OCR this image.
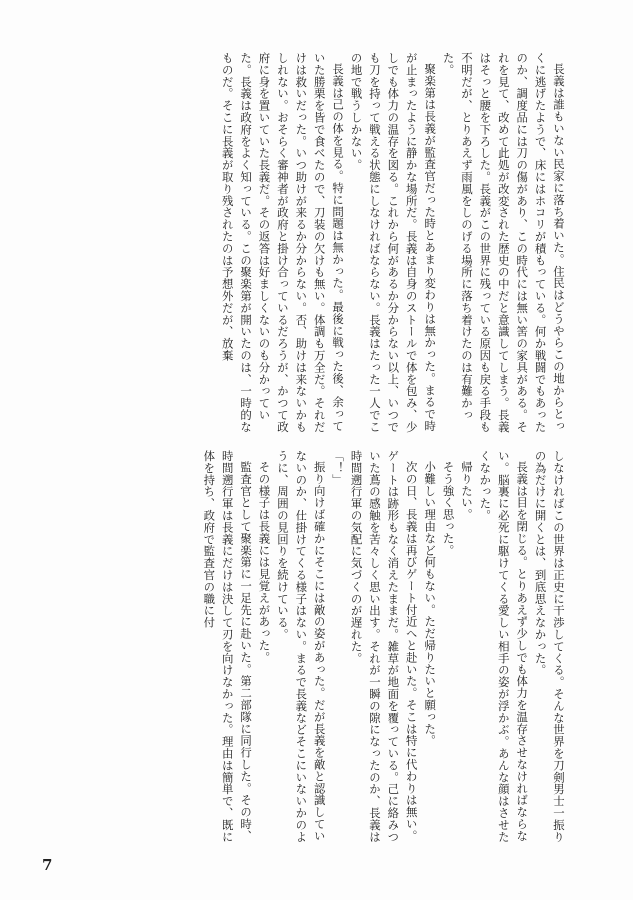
長義は誰もいない民家に落ち着いた。住民はどうやらこの地からとっくに逃げたようで、床にはホコリが積もっている。何か戦闘でもあったのか、調度品には刀の傷があり、この時代には無い筈の家具がある。それを見て、改めて此処が改変された歴史の中だと意識してしまう。長義はそっと腰を下ろした。長義がこの世界に残っている原因も戻る手段も不明だが、とりあえず雨風をしのげる場所に落ち着けたのは有難かった。

聚楽第は長義が監査官だった時とあまり変わりは無かった。まるで時が止まったように静かな場所だ。長義は自身のストールで体を包み、少しでも体力の温存を図る。これから何があるか分からない以上、いつでも刀を持って戦える状態にしなければならない。長義はたった一人でこの地で戦うしかない。

長義は己の体を見る。特に問題は無かった。最後に戦った後、余っていた勝栗を皆で食べたので、刀装の欠けも無い。体調も万全だ。それだけは救いだった。いつ助けが来るか分からない。否、助けは来ないかもしれない。おそらく審神者が政府と掛け合っているだろうが、かつて政府に身を置いていた長義だ。その返答は好ましくないのも分かっていた。長義は政府をよく知っている。この聚楽第が開いたのは、一時的なものだ。そこに長義が取り残されたのは予想外だが、放棄

しなければこの世界は正史に干渉してくる。そんな世界を刀剣男士一振りの為だけに開くとは、到底思えなかった。

長義は目を閉じる。とりあえず少しでも体力を温存させなければならない。脳裏に必死に駆けてくる愛しい相手の姿が浮かぶ。あんな顔はさせたくなかった。

帰りたい。

そう強く思った。

小難しい理由など何もない。ただ帰りたいと願った。

次の日、長義は再びゲート付近へと赴いた。そこは特に代わりは無い。ゲートは跡形もなく消えたままだ。雑草が地面を覆っている。己に絡みついた蔦の感触を苦々しく思い出す。それが一瞬の隙になったのか、長義は時間遡行軍の気配に気づくのが遅れた。

「！」

振り向けば確かにそこには敵の姿があった。だが長義を敵と認識していないのか、仕掛けてくる様子はない。まるで長義などそこにいないかのように、周囲の見回りを続けている。

その様子は長義には見覚えがあった。

監査官として聚楽第に一足先に赴いた。第二部隊に同行した。その時、時間遡行軍は長義にだけは決して刃を向けなかった。理由は簡単で、既に体を持ち、政府で監査官の職に付

7
